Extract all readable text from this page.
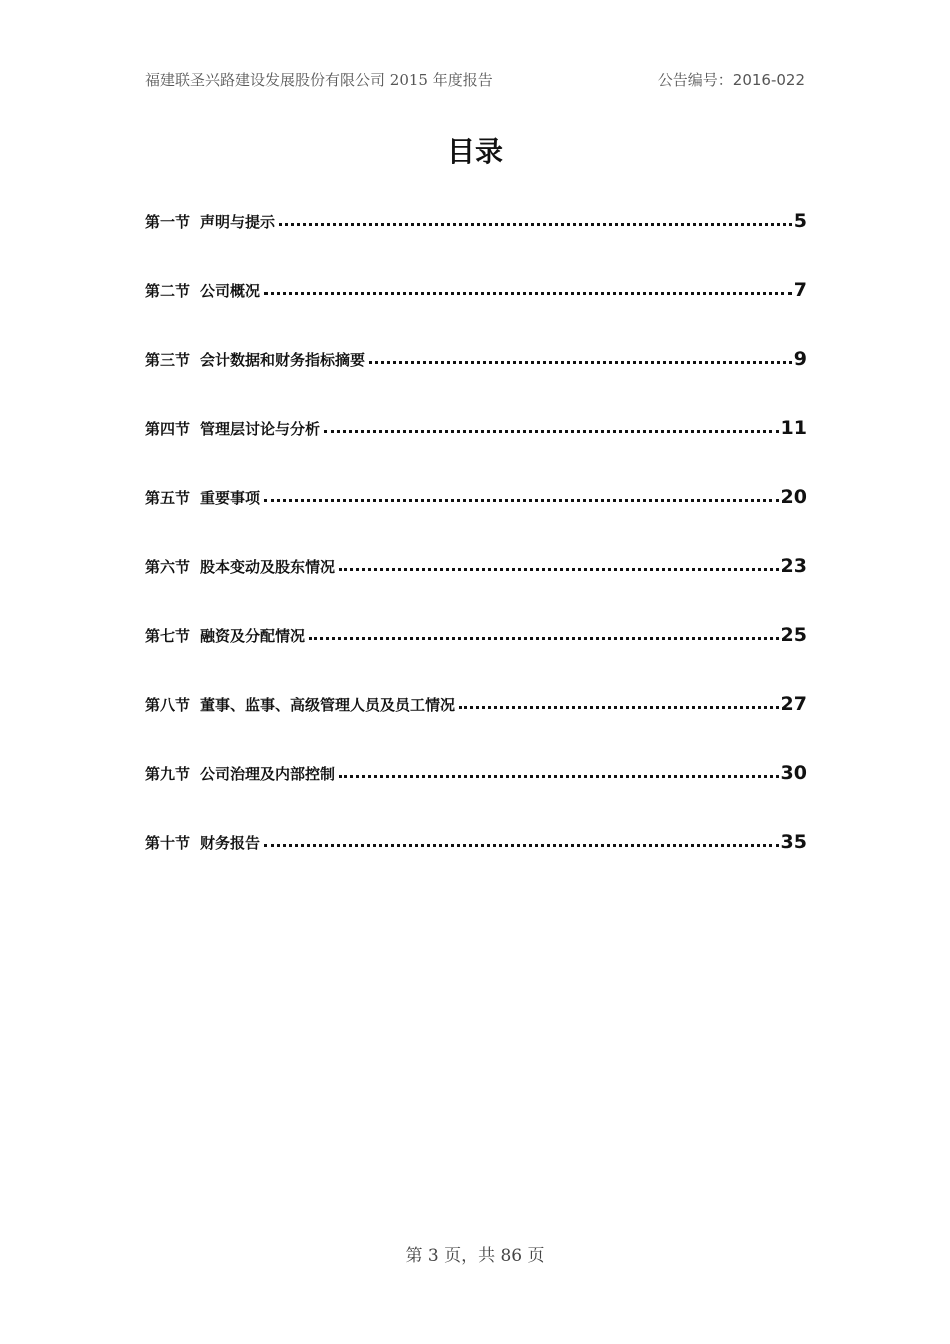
福建联圣兴路建设发展股份有限公司 2015 年度报告	公告编号：2016-022
目录
第一节 声明与提示	5
第二节 公司概况	7
第三节 会计数据和财务指标摘要	9
第四节 管理层讨论与分析	11
第五节 重要事项	20
第六节 股本变动及股东情况	23
第七节 融资及分配情况	25
第八节 董事、监事、高级管理人员及员工情况	27
第九节 公司治理及内部控制	30
第十节 财务报告	35
第 3 页，共 86 页
